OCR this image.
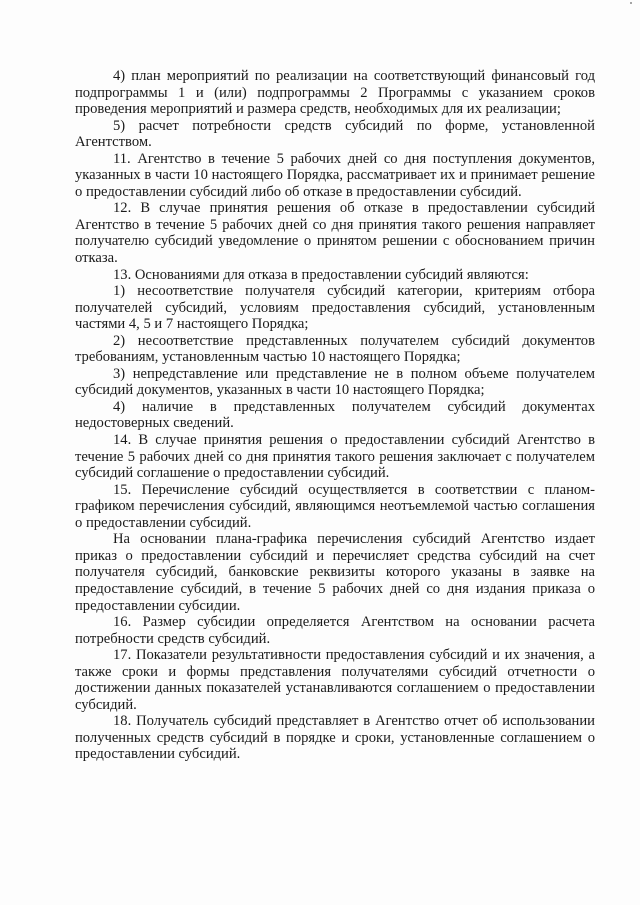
4) план мероприятий по реализации на соответствующий финансовый год подпрограммы 1 и (или) подпрограммы 2 Программы с указанием сроков проведения мероприятий и размера средств, необходимых для их реализации;

5) расчет потребности средств субсидий по форме, установленной Агентством.

11. Агентство в течение 5 рабочих дней со дня поступления документов, указанных в части 10 настоящего Порядка, рассматривает их и принимает решение о предоставлении субсидий либо об отказе в предоставлении субсидий.

12. В случае принятия решения об отказе в предоставлении субсидий Агентство в течение 5 рабочих дней со дня принятия такого решения направляет получателю субсидий уведомление о принятом решении с обоснованием причин отказа.

13. Основаниями для отказа в предоставлении субсидий являются:

1) несоответствие получателя субсидий категории, критериям отбора получателей субсидий, условиям предоставления субсидий, установленным частями 4, 5 и 7 настоящего Порядка;

2) несоответствие представленных получателем субсидий документов требованиям, установленным частью 10 настоящего Порядка;

3) непредставление или представление не в полном объеме получателем субсидий документов, указанных в части 10 настоящего Порядка;

4) наличие в представленных получателем субсидий документах недостоверных сведений.

14. В случае принятия решения о предоставлении субсидий Агентство в течение 5 рабочих дней со дня принятия такого решения заключает с получателем субсидий соглашение о предоставлении субсидий.

15. Перечисление субсидий осуществляется в соответствии с планом-графиком перечисления субсидий, являющимся неотъемлемой частью соглашения о предоставлении субсидий.

На основании плана-графика перечисления субсидий Агентство издает приказ о предоставлении субсидий и перечисляет средства субсидий на счет получателя субсидий, банковские реквизиты которого указаны в заявке на предоставление субсидий, в течение 5 рабочих дней со дня издания приказа о предоставлении субсидии.

16. Размер субсидии определяется Агентством на основании расчета потребности средств субсидий.

17. Показатели результативности предоставления субсидий и их значения, а также сроки и формы представления получателями субсидий отчетности о достижении данных показателей устанавливаются соглашением о предоставлении субсидий.

18. Получатель субсидий представляет в Агентство отчет об использовании полученных средств субсидий в порядке и сроки, установленные соглашением о предоставлении субсидий.
